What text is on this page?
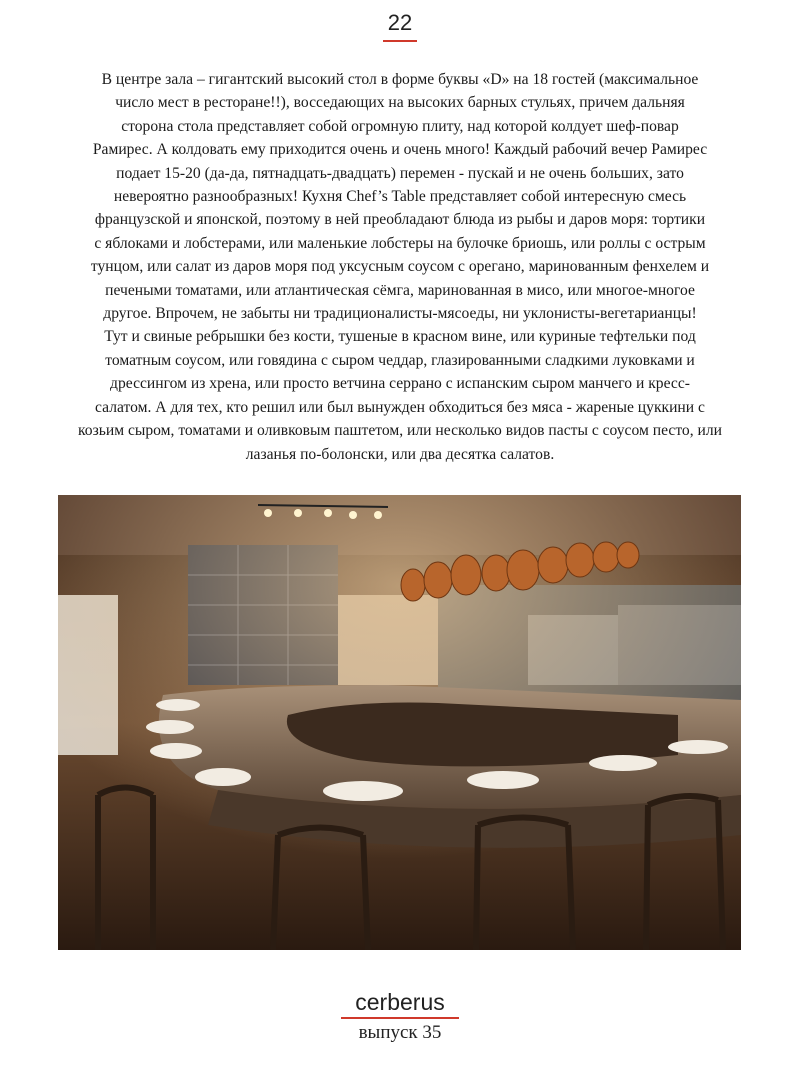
22

В центре зала – гигантский высокий стол в форме буквы «D» на 18 гостей (максимальное
число мест в ресторане!!), восседающих на высоких барных стульях, причем дальняя
сторона стола представляет собой огромную плиту, над которой колдует шеф-повар
Рамирес. А колдовать ему приходится очень и очень много! Каждый рабочий вечер Рамирес
подает 15-20 (да-да, пятнадцать-двадцать) перемен - пускай и не очень больших, зато
невероятно разнообразных! Кухня Chef’s Table представляет собой интересную смесь
французской и японской, поэтому в ней преобладают блюда из рыбы и даров моря: тортики
с яблоками и лобстерами, или маленькие лобстеры на булочке бриошь, или роллы с острым
тунцом, или салат из даров моря под уксусным соусом с орегано, маринованным фенхелем и
печеными томатами, или атлантическая сёмга, маринованная в мисо, или многое-многое
другое. Впрочем, не забыты ни традиционалисты-мясоеды, ни уклонисты-вегетарианцы!
Тут и свиные ребрышки без кости, тушеные в красном вине, или куриные тефтельки под
томатным соусом, или говядина с сыром чеддар, глазированными сладкими луковками и
дрессингом из хрена, или просто ветчина серрано с испанским сыром манчего и кресс-
салатом. А для тех, кто решил или был вынужден обходиться без мяса - жареные цуккини с
козьим сыром, томатами и оливковым паштетом, или несколько видов пасты с соусом песто, или
лазанья по-болонски, или два десятка салатов.

cerberus
выпуск 35
